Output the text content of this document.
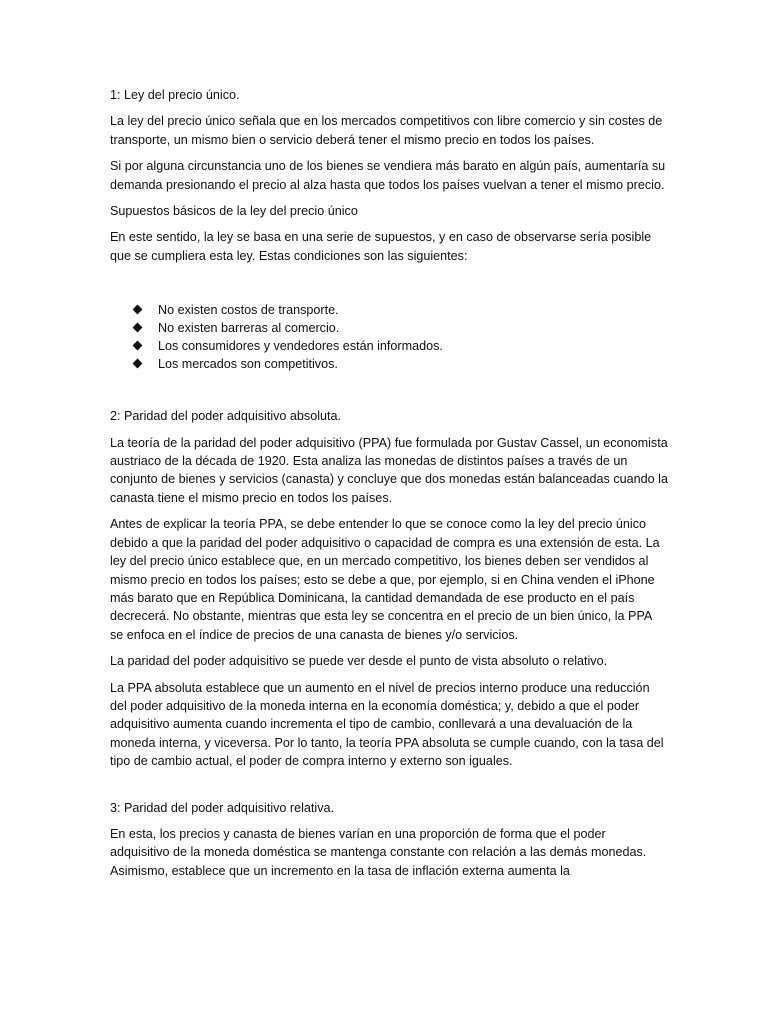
1: Ley del precio único.

La ley del precio único señala que en los mercados competitivos con libre comercio y sin costes de transporte, un mismo bien o servicio deberá tener el mismo precio en todos los países.

Si por alguna circunstancia uno de los bienes se vendiera más barato en algún país, aumentaría su demanda presionando el precio al alza hasta que todos los países vuelvan a tener el mismo precio.

Supuestos básicos de la ley del precio único

En este sentido, la ley se basa en una serie de supuestos, y en caso de observarse sería posible que se cumpliera esta ley. Estas condiciones son las siguientes:

No existen costos de transporte.
No existen barreras al comercio.
Los consumidores y vendedores están informados.
Los mercados son competitivos.
2: Paridad del poder adquisitivo absoluta.

La teoría de la paridad del poder adquisitivo (PPA) fue formulada por Gustav Cassel, un economista austriaco de la década de 1920. Esta analiza las monedas de distintos países a través de un conjunto de bienes y servicios (canasta) y concluye que dos monedas están balanceadas cuando la canasta tiene el mismo precio en todos los países.

Antes de explicar la teoría PPA, se debe entender lo que se conoce como la ley del precio único debido a que la paridad del poder adquisitivo o capacidad de compra es una extensión de esta. La ley del precio único establece que, en un mercado competitivo, los bienes deben ser vendidos al mismo precio en todos los países; esto se debe a que, por ejemplo, si en China venden el iPhone más barato que en República Dominicana, la cantidad demandada de ese producto en el país decrecerá. No obstante, mientras que esta ley se concentra en el precio de un bien único, la PPA se enfoca en el índice de precios de una canasta de bienes y/o servicios.

La paridad del poder adquisitivo se puede ver desde el punto de vista absoluto o relativo.

La PPA absoluta establece que un aumento en el nivel de precios interno produce una reducción del poder adquisitivo de la moneda interna en la economía doméstica; y, debido a que el poder adquisitivo aumenta cuando incrementa el tipo de cambio, conllevará a una devaluación de la moneda interna, y viceversa. Por lo tanto, la teoría PPA absoluta se cumple cuando, con la tasa del tipo de cambio actual, el poder de compra interno y externo son iguales.

3: Paridad del poder adquisitivo relativa.

En esta, los precios y canasta de bienes varían en una proporción de forma que el poder adquisitivo de la moneda doméstica se mantenga constante con relación a las demás monedas. Asimismo, establece que un incremento en la tasa de inflación externa aumenta la
